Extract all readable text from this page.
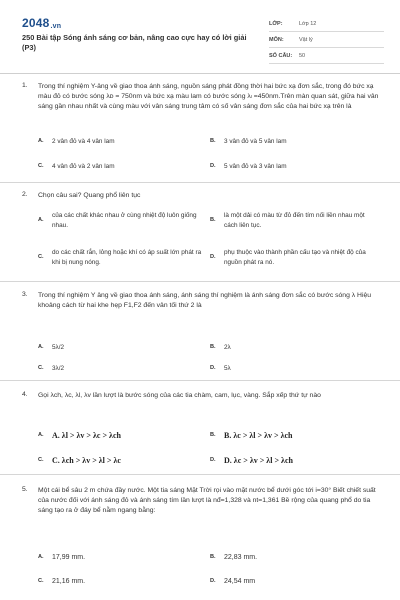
2048.vn
250 Bài tập Sóng ánh sáng cơ bản, nâng cao cực hay có lời giải (P3)
LỚP:	Lớp 12
MÔN:	Vật lý
SỐ CÂU:	50
1. Trong thí nghiệm Y-âng về giao thoa ánh sáng, nguồn sáng phát đồng thời hai bức xạ đơn sắc, trong đó bức xạ màu đỏ có bước sóng λᴅ = 750nm và bức xạ màu lam có bước sóng λₗ =450nm.Trên màn quan sát, giữa hai vân sáng gần nhau nhất và cùng màu với vân sáng trung tâm có số vân sáng đơn sắc của hai bức xạ trên là
A. 2 vân đỏ và 4 vân lam	B. 3 vân đỏ và 5 vân lam
C. 4 vân đỏ và 2 vân lam	D. 5 vân đỏ và 3 vân lam
2. Chọn câu sai? Quang phổ liên tục
A.
của các chất khác nhau ở cùng nhiệt độ luôn giống nhau.
B.
là một dải có màu từ đỏ đến tím nối liền nhau một cách liên tục.
C.
do các chất rắn, lỏng hoặc khí có áp suất lớn phát ra khi bị nung nóng.
D.
phụ thuộc vào thành phần cấu tạo và nhiệt độ của nguồn phát ra nó.
3. Trong thí nghiệm Y âng về giao thoa ánh sáng, ánh sáng thí nghiệm là ánh sáng đơn sắc có bước sóng λ Hiệu khoảng cách từ hai khe hẹp F1,F2 đến vân tối thứ 2 là
A. 5λ/2	B. 2λ
C. 3λ/2	D. 5λ
4. Gọi λch, λc, λl, λv lần lượt là bước sóng của các tia chàm, cam, lục, vàng. Sắp xếp thứ tự nào
A. A. λl > λv > λc > λch	B. B. λc > λl > λv > λch
C. C. λch > λv > λl > λc	D. D. λc > λv > λl > λch
5. Một cái bể sâu 2 m chứa đầy nước. Một tia sáng Mặt Trời rọi vào mặt nước bể dưới góc tới i=30° Biết chiết suất của nước đối với ánh sáng đỏ và ánh sáng tím lần lượt là nđ=1,328 và nt=1,361 Bề rộng của quang phổ do tia sáng tạo ra ở đáy bể nằm ngang bằng:
A. 17,99 mm.	B. 22,83 mm.
C. 21,16 mm.	D. 24,54 mm
